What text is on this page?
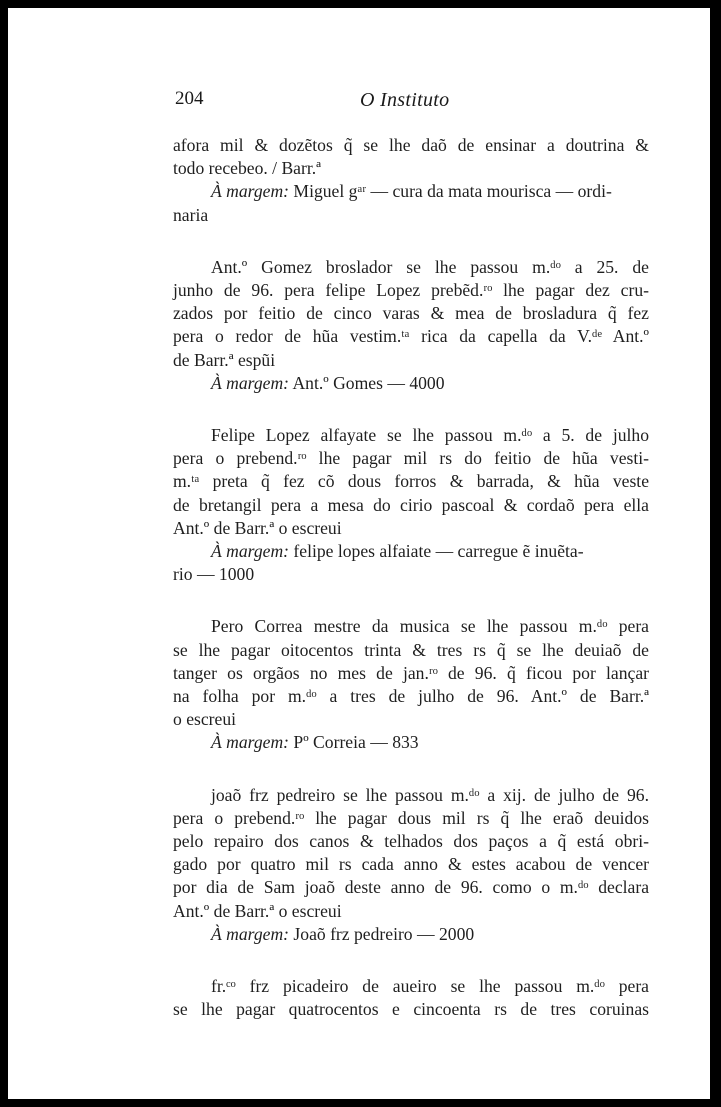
204	O Instituto
afora mil & dozẽtos q̃ se lhe daõ de ensinar a doutrina &
todo recebeo. / Barr.ª
À margem: Miguel gᵃʳ — cura da mata mourisca — ordi-
naria
Ant.º Gomez broslador se lhe passou m.ᵈᵒ a 25. de
junho de 96. pera felipe Lopez prebẽd.ʳᵒ lhe pagar dez cru-
zados por feitio de cinco varas & mea de brosladura q̃ fez
pera o redor de hũa vestim.ᵗᵃ rica da capella da V.ᵈᵉ Ant.º
de Barr.ª espũi
À margem: Ant.º Gomes — 4000
Felipe Lopez alfayate se lhe passou m.ᵈᵒ a 5. de julho
pera o prebend.ʳᵒ lhe pagar mil rs do feitio de hũa vesti-
m.ᵗᵃ preta q̃ fez cõ dous forros & barrada, & hũa veste
de bretangil pera a mesa do cirio pascoal & cordaõ pera ella
Ant.º de Barr.ª o escreui
À margem: felipe lopes alfaiate — carregue ẽ inuẽta-
rio — 1000
Pero Correa mestre da musica se lhe passou m.ᵈᵒ pera
se lhe pagar oitocentos trinta & tres rs q̃ se lhe deuiaõ de
tanger os orgãos no mes de jan.ʳᵒ de 96. q̃ ficou por lançar
na folha por m.ᵈᵒ a tres de julho de 96. Ant.º de Barr.ª
o escreui
À margem: Pº Correia — 833
joaõ frz pedreiro se lhe passou m.ᵈᵒ a xij. de julho de 96.
pera o prebend.ʳᵒ lhe pagar dous mil rs q̃ lhe eraõ deuidos
pelo repairo dos canos & telhados dos paços a q̃ está obri-
gado por quatro mil rs cada anno & estes acabou de vencer
por dia de Sam joaõ deste anno de 96. como o m.ᵈᵒ declara
Ant.º de Barr.ª o escreui
À margem: Joaõ frz pedreiro — 2000
fr.ᶜᵒ frz picadeiro de aueiro se lhe passou m.ᵈᵒ pera
se lhe pagar quatrocentos e cincoenta rs de tres coruinas
